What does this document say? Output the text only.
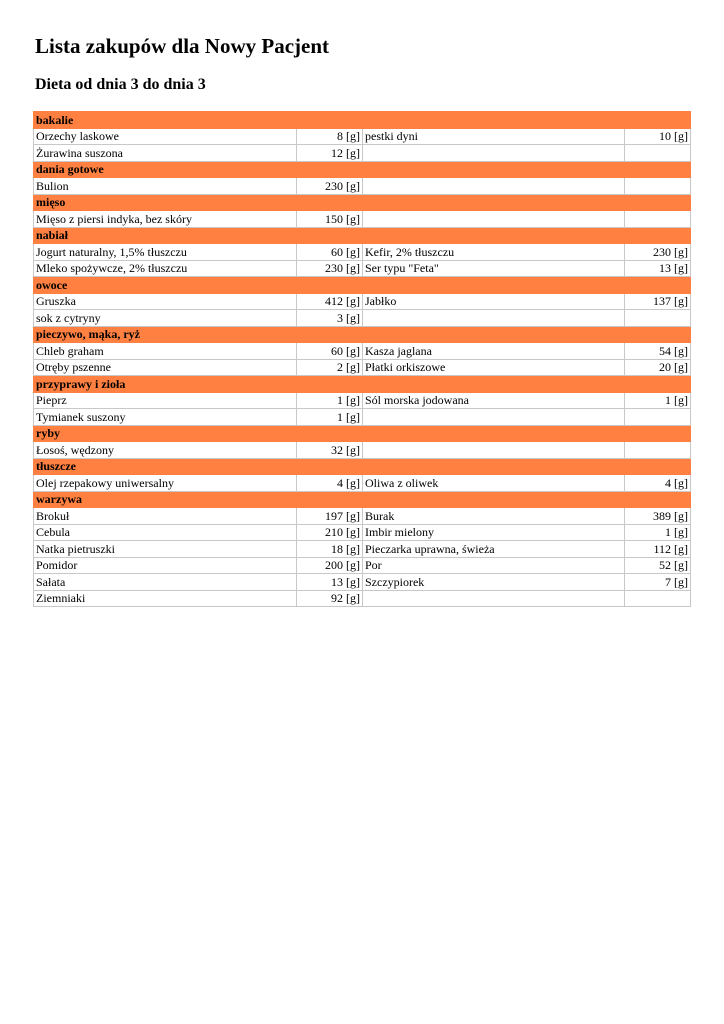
Lista zakupów dla Nowy Pacjent
Dieta od dnia 3 do dnia 3
bakalie			
Orzechy laskowe	8 [g]	pestki dyni	10 [g]
Żurawina suszona	12 [g]		
dania gotowe			
Bulion	230 [g]		
mięso			
Mięso z piersi indyka, bez skóry	150 [g]		
nabiał			
Jogurt naturalny, 1,5% tłuszczu	60 [g]	Kefir, 2% tłuszczu	230 [g]
Mleko spożywcze, 2% tłuszczu	230 [g]	Ser typu "Feta"	13 [g]
owoce			
Gruszka	412 [g]	Jabłko	137 [g]
sok z cytryny	3 [g]		
pieczywo, mąka, ryż			
Chleb graham	60 [g]	Kasza jaglana	54 [g]
Otręby pszenne	2 [g]	Płatki orkiszowe	20 [g]
przyprawy i zioła			
Pieprz	1 [g]	Sól morska jodowana	1 [g]
Tymianek suszony	1 [g]		
ryby			
Łosoś, wędzony	32 [g]		
tłuszcze			
Olej rzepakowy uniwersalny	4 [g]	Oliwa z oliwek	4 [g]
warzywa			
Brokuł	197 [g]	Burak	389 [g]
Cebula	210 [g]	Imbir mielony	1 [g]
Natka pietruszki	18 [g]	Pieczarka uprawna, świeża	112 [g]
Pomidor	200 [g]	Por	52 [g]
Sałata	13 [g]	Szczypiorek	7 [g]
Ziemniaki	92 [g]		
